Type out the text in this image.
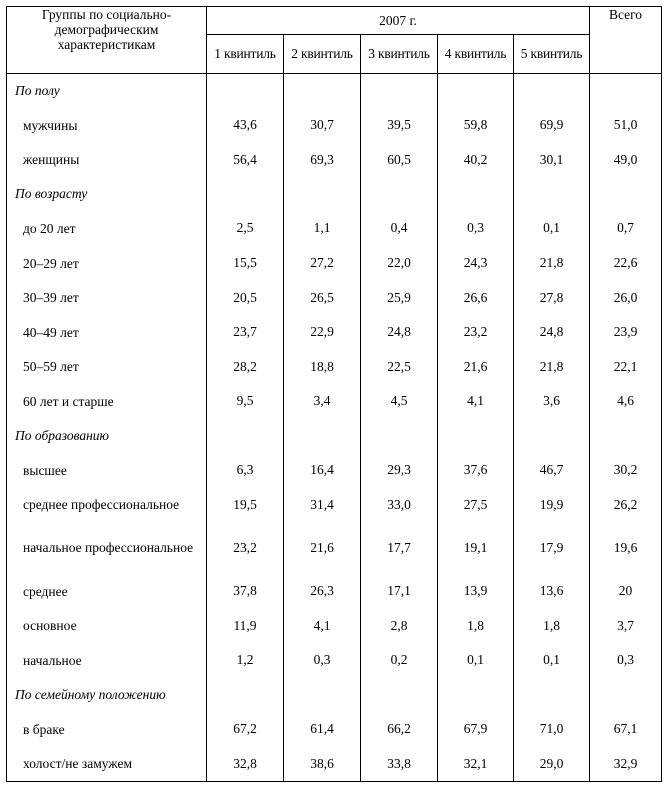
Группы по социально-демографическим характеристикам	2007 г.					Всего
	1 квинтиль	2 квинтиль	3 квинтиль	4 квинтиль	5 квинтиль	
По полу						
мужчины	43,6	30,7	39,5	59,8	69,9	51,0
женщины	56,4	69,3	60,5	40,2	30,1	49,0
По возрасту						
до 20 лет	2,5	1,1	0,4	0,3	0,1	0,7
20–29 лет	15,5	27,2	22,0	24,3	21,8	22,6
30–39 лет	20,5	26,5	25,9	26,6	27,8	26,0
40–49 лет	23,7	22,9	24,8	23,2	24,8	23,9
50–59 лет	28,2	18,8	22,5	21,6	21,8	22,1
60 лет и старше	9,5	3,4	4,5	4,1	3,6	4,6
По образованию						
высшее	6,3	16,4	29,3	37,6	46,7	30,2
среднее профессиональное	19,5	31,4	33,0	27,5	19,9	26,2
начальное профессиональное	23,2	21,6	17,7	19,1	17,9	19,6
среднее	37,8	26,3	17,1	13,9	13,6	20
основное	11,9	4,1	2,8	1,8	1,8	3,7
начальное	1,2	0,3	0,2	0,1	0,1	0,3
По семейному положению						
в браке	67,2	61,4	66,2	67,9	71,0	67,1
холост/не замужем	32,8	38,6	33,8	32,1	29,0	32,9
